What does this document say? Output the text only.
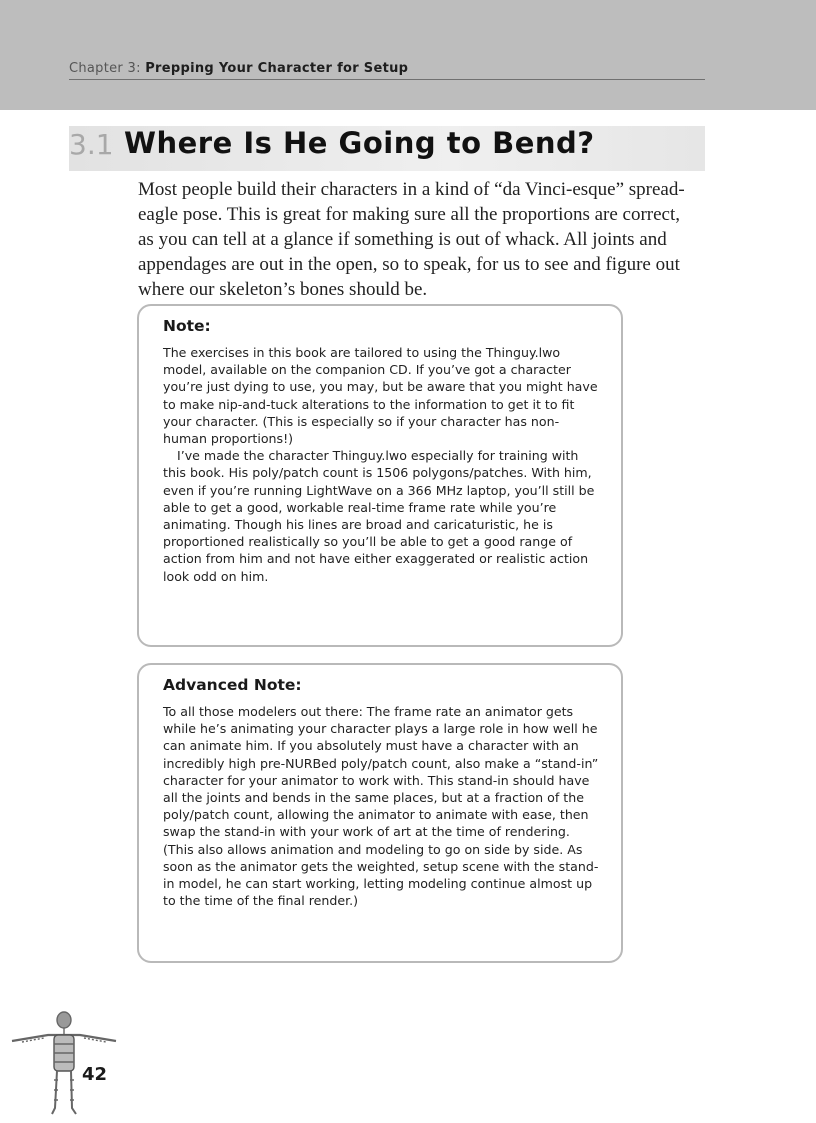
Chapter 3: Prepping Your Character for Setup
3.1 Where Is He Going to Bend?

Most people build their characters in a kind of “da Vinci-esque” spread-eagle pose. This is great for making sure all the proportions are correct, as you can tell at a glance if something is out of whack. All joints and appendages are out in the open, so to speak, for us to see and figure out where our skeleton’s bones should be.

Note:

The exercises in this book are tailored to using the Thinguy.lwo model, available on the companion CD. If you’ve got a character you’re just dying to use, you may, but be aware that you might have to make nip-and-tuck alterations to the information to get it to fit your character. (This is especially so if your character has non-human proportions!)

I’ve made the character Thinguy.lwo especially for training with this book. His poly/patch count is 1506 polygons/patches. With him, even if you’re running LightWave on a 366 MHz laptop, you’ll still be able to get a good, workable real-time frame rate while you’re animating. Though his lines are broad and caricaturistic, he is proportioned realistically so you’ll be able to get a good range of action from him and not have either exaggerated or realistic action look odd on him.

Advanced Note:

To all those modelers out there: The frame rate an animator gets while he’s animating your character plays a large role in how well he can animate him. If you absolutely must have a character with an incredibly high pre-NURBed poly/patch count, also make a “stand-in” character for your animator to work with. This stand-in should have all the joints and bends in the same places, but at a fraction of the poly/patch count, allowing the animator to animate with ease, then swap the stand-in with your work of art at the time of rendering. (This also allows animation and modeling to go on side by side. As soon as the animator gets the weighted, setup scene with the stand-in model, he can start working, letting modeling continue almost up to the time of the final render.)

42
